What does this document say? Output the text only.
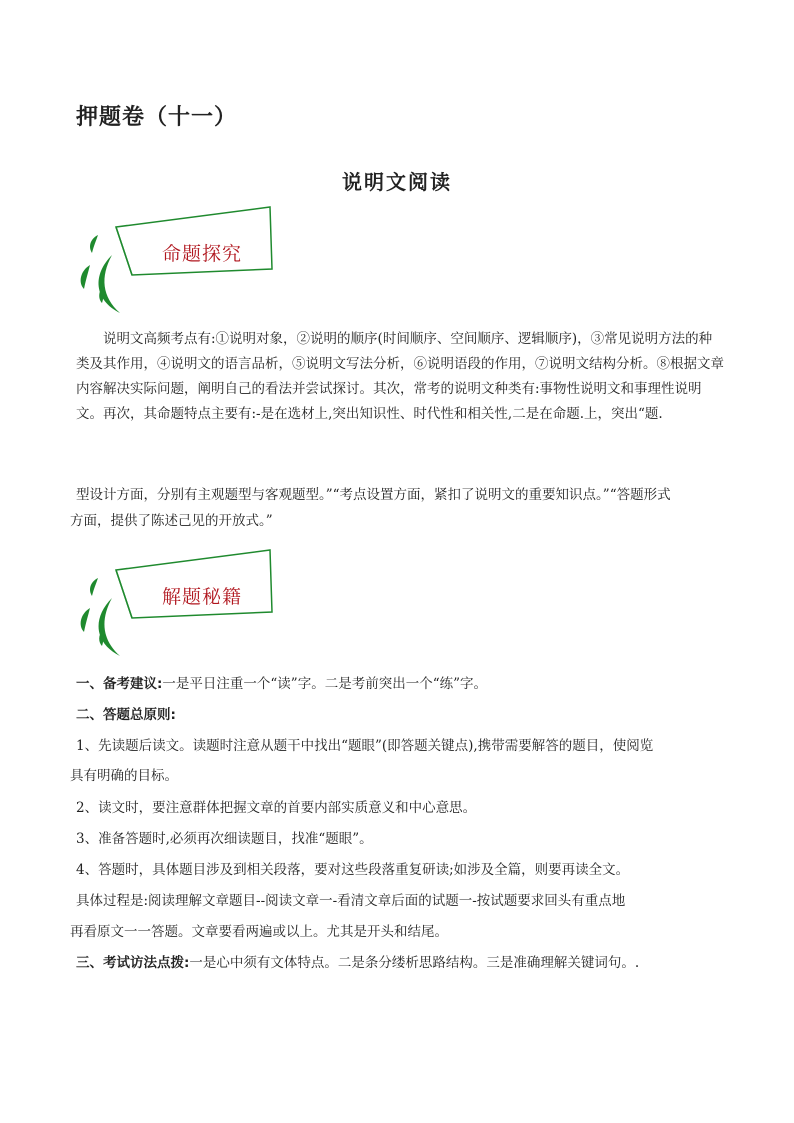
押题卷（十一）
说明文阅读
命题探究

说明文高频考点有:①说明对象，②说明的顺序(时间顺序、空间顺序、逻辑顺序)，③常见说明方法的种类及其作用，④说明文的语言品析，⑤说明文写法分析，⑥说明语段的作用，⑦说明文结构分析。⑧根据文章内容解决实际问题，阐明自己的看法并尝试探讨。其次，常考的说明文种类有:事物性说明文和事理性说明文。再次，其命题特点主要有:-是在选材上,突出知识性、时代性和相关性,二是在命题.上，突出“题.

型设计方面，分别有主观题型与客观题型。”“考点设置方面，紧扣了说明文的重要知识点。”“答题形式
方面，提供了陈述己见的开放式。”
解题秘籍
一、备考建议:一是平日注重一个“读”字。二是考前突出一个“练”字。
二、答题总原则:
1、先读题后读文。读题时注意从题干中找出“题眼”(即答题关键点),携带需要解答的题目，使阅览
具有明确的目标。
2、读文时，要注意群体把握文章的首要内部实质意义和中心意思。
3、准备答题时,必须再次细读题目，找准“题眼”。
4、答题时，具体题目涉及到相关段落，要对这些段落重复研读;如涉及全篇，则要再读全文。
具体过程是:阅读理解文章题目--阅读文章一-看清文章后面的试题一-按试题要求回头有重点地
再看原文一一答题。文章要看两遍或以上。尤其是开头和结尾。
三、考试访法点拨:一是心中须有文体特点。二是条分缕析思路结构。三是准确理解关键词句。.
